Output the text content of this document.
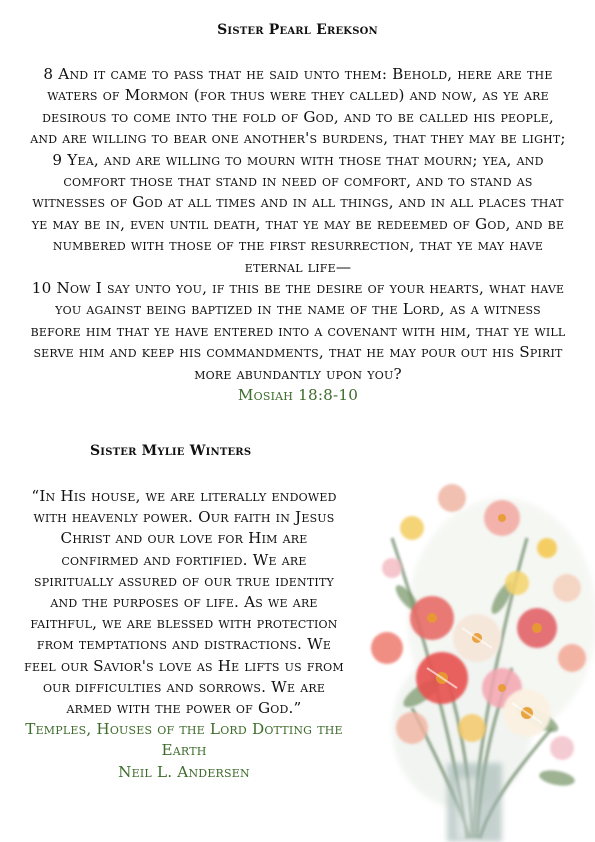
Sister Pearl Erekson
8 And it came to pass that he said unto them: Behold, here are the waters of Mormon (for thus were they called) and now, as ye are desirous to come into the fold of God, and to be called his people, and are willing to bear one another's burdens, that they may be light;
9 Yea, and are willing to mourn with those that mourn; yea, and comfort those that stand in need of comfort, and to stand as witnesses of God at all times and in all things, and in all places that ye may be in, even until death, that ye may be redeemed of God, and be numbered with those of the first resurrection, that ye may have eternal life—
10 Now I say unto you, if this be the desire of your hearts, what have you against being baptized in the name of the Lord, as a witness before him that ye have entered into a covenant with him, that ye will serve him and keep his commandments, that he may pour out his Spirit more abundantly upon you?
Mosiah 18:8-10
Sister Mylie Winters
“In His house, we are literally endowed with heavenly power. Our faith in Jesus Christ and our love for Him are confirmed and fortified. We are spiritually assured of our true identity and the purposes of life. As we are faithful, we are blessed with protection from temptations and distractions. We feel our Savior's love as He lifts us from our difficulties and sorrows. We are armed with the power of God.”
Temples, Houses of the Lord Dotting the Earth
Neil L. Andersen
